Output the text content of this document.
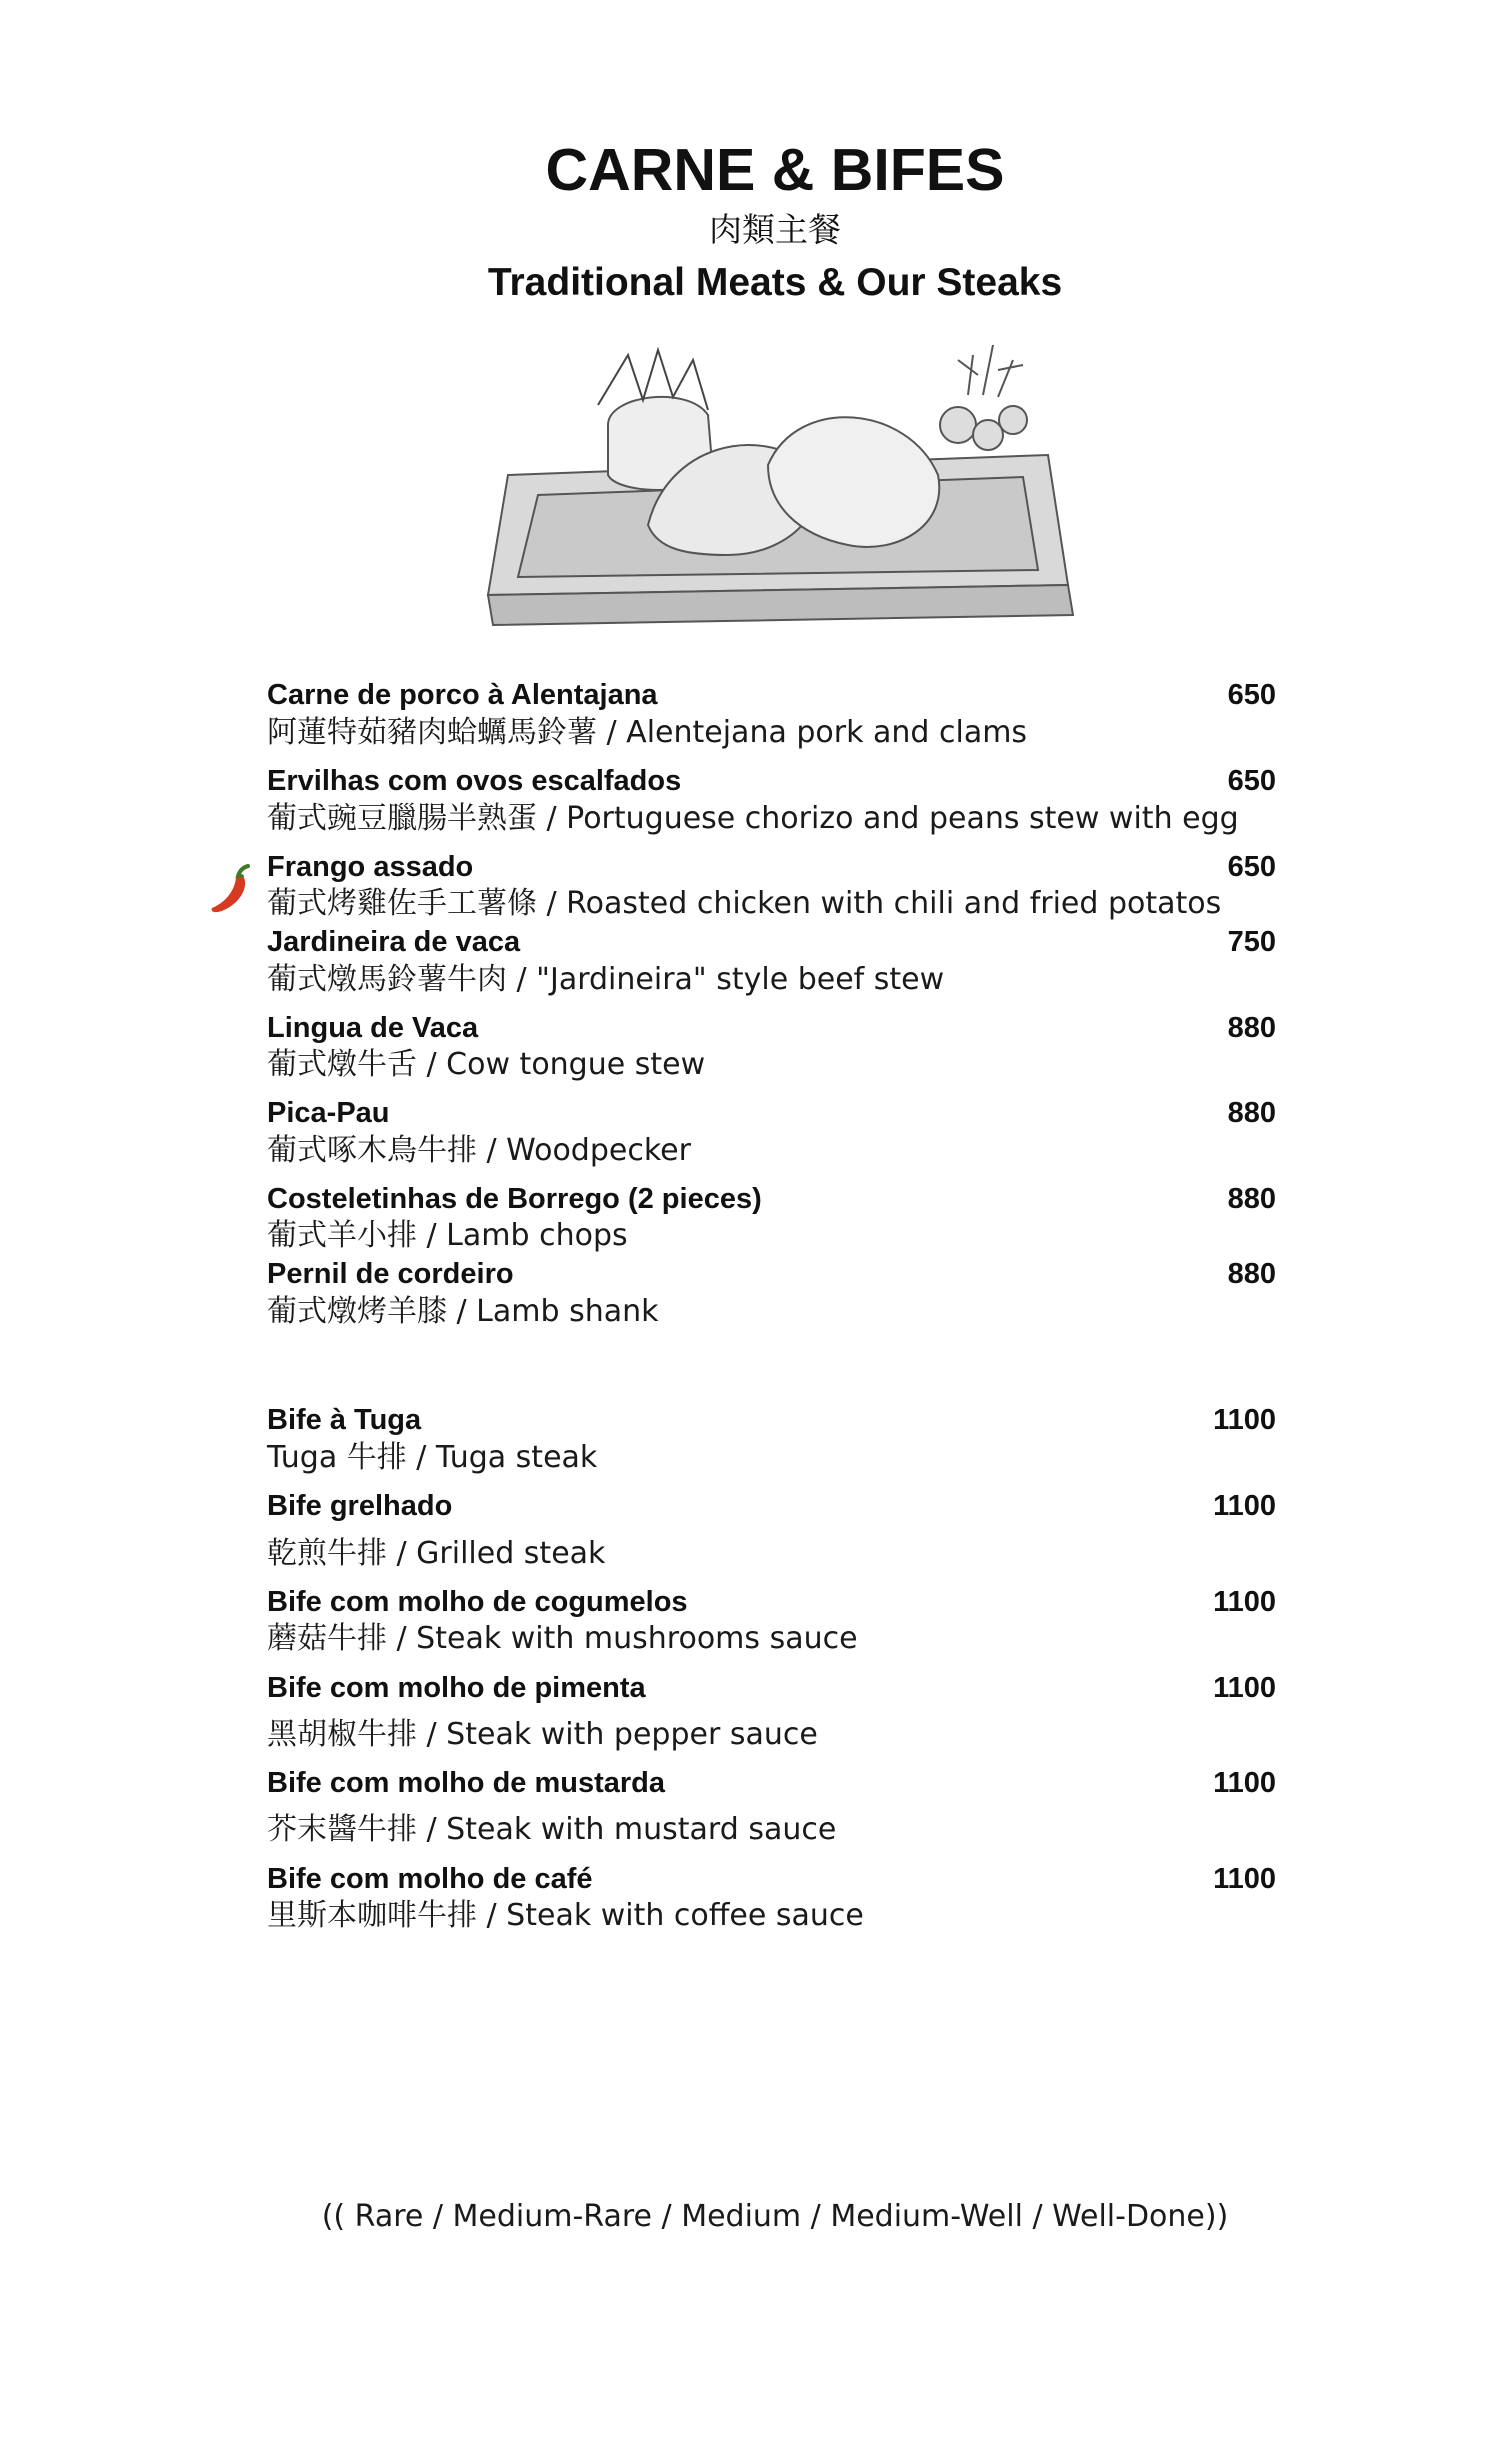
CARNE & BIFES
肉類主餐
Traditional Meats & Our Steaks
Carne de porco à Alentajana	650
阿蓮特茹豬肉蛤蠣馬鈴薯 / Alentejana pork and clams
Ervilhas com ovos escalfados	650
葡式豌豆臘腸半熟蛋 / Portuguese chorizo and peans stew with egg
Frango assado	650
葡式烤雞佐手工薯條 / Roasted chicken with chili and fried potatos
Jardineira de vaca	750
葡式燉馬鈴薯牛肉 / "Jardineira" style beef stew
Lingua de Vaca	880
葡式燉牛舌 / Cow tongue stew
Pica-Pau	880
葡式啄木鳥牛排 / Woodpecker
Costeletinhas de Borrego (2 pieces)	880
葡式羊小排 / Lamb chops
Pernil de cordeiro	880
葡式燉烤羊膝 / Lamb shank
Bife à Tuga	1100
Tuga 牛排 / Tuga steak
Bife grelhado	1100
乾煎牛排 / Grilled steak
Bife com molho de cogumelos	1100
蘑菇牛排 / Steak with mushrooms sauce
Bife com molho de pimenta	1100
黑胡椒牛排 / Steak with pepper sauce
Bife com molho de mustarda	1100
芥末醬牛排 / Steak with mustard sauce
Bife com molho de café	1100
里斯本咖啡牛排 / Steak with coffee sauce
(( Rare / Medium-Rare / Medium / Medium-Well / Well-Done))
